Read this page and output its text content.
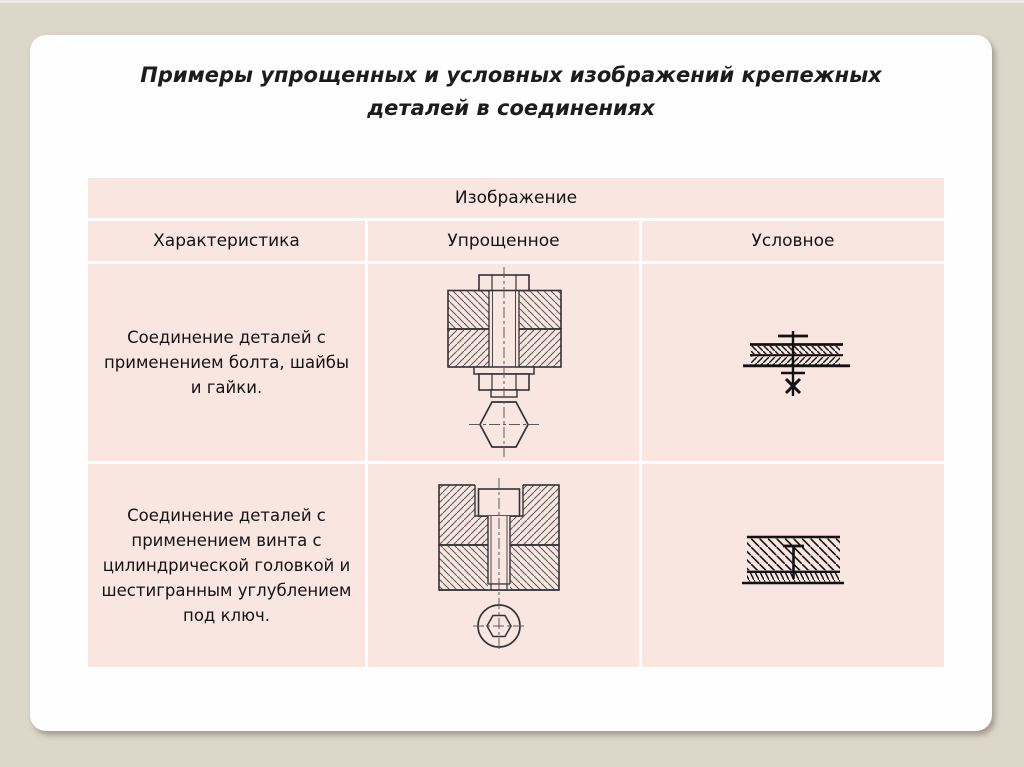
Примеры упрощенных и условных изображений крепежных
деталей в соединениях
Изображение
Характеристика	Упрощенное	Условное
Соединение деталей с применением болта, шайбы и гайки.
Соединение деталей с применением винта с цилиндрической головкой и шестигранным углублением под ключ.
